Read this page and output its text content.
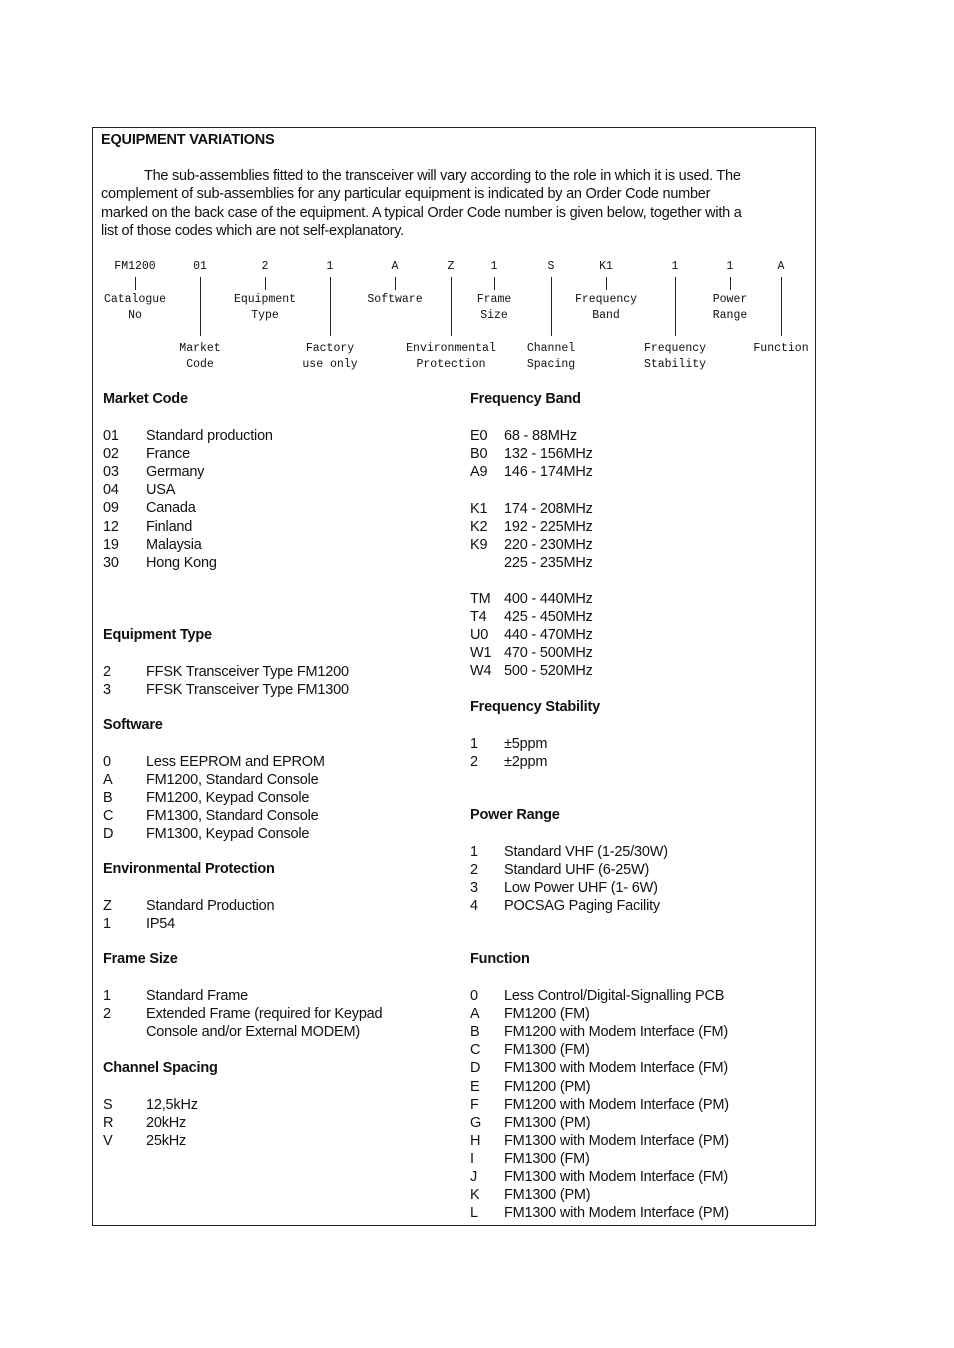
EQUIPMENT VARIATIONS
The sub-assemblies fitted to the transceiver will vary according to the role in which it is used. The
complement of sub-assemblies for any particular equipment is indicated by an Order Code number
marked on the back case of the equipment. A typical Order Code number is given below, together with a
list of those codes which are not self-explanatory.
FM1200
Catalogue
No
01
Market
Code
2
Equipment
Type
1
Factory
use only
A
Software
Z
Environmental
Protection
1
Frame
Size
S
Channel
Spacing
K1
Frequency
Band
1
Frequency
Stability
1
Power
Range
A
Function
Market Code
01 Standard production
02 France
03 Germany
04 USA
09 Canada
12 Finland
19 Malaysia
30 Hong Kong
Equipment Type
2 FFSK Transceiver Type FM1200
3 FFSK Transceiver Type FM1300
Software
0 Less EEPROM and EPROM
A FM1200, Standard Console
B FM1200, Keypad Console
C FM1300, Standard Console
D FM1300, Keypad Console
Environmental Protection
Z Standard Production
1 IP54
Frame Size
1 Standard Frame
2 Extended Frame (required for Keypad
Console and/or External MODEM)
Channel Spacing
S 12,5kHz
R 20kHz
V 25kHz
Frequency Band
E0 68 - 88MHz
B0 132 - 156MHz
A9 146 - 174MHz
K1 174 - 208MHz
K2 192 - 225MHz
K9 220 - 230MHz
225 - 235MHz
TM 400 - 440MHz
T4 425 - 450MHz
U0 440 - 470MHz
W1 470 - 500MHz
W4 500 - 520MHz
Frequency Stability
1 ±5ppm
2 ±2ppm
Power Range
1 Standard VHF (1-25/30W)
2 Standard UHF (6-25W)
3 Low Power UHF (1- 6W)
4 POCSAG Paging Facility
Function
0 Less Control/Digital-Signalling PCB
A FM1200 (FM)
B FM1200 with Modem Interface (FM)
C FM1300 (FM)
D FM1300 with Modem Interface (FM)
E FM1200 (PM)
F FM1200 with Modem Interface (PM)
G FM1300 (PM)
H FM1300 with Modem Interface (PM)
I FM1300 (FM)
J FM1300 with Modem Interface (FM)
K FM1300 (PM)
L FM1300 with Modem Interface (PM)
